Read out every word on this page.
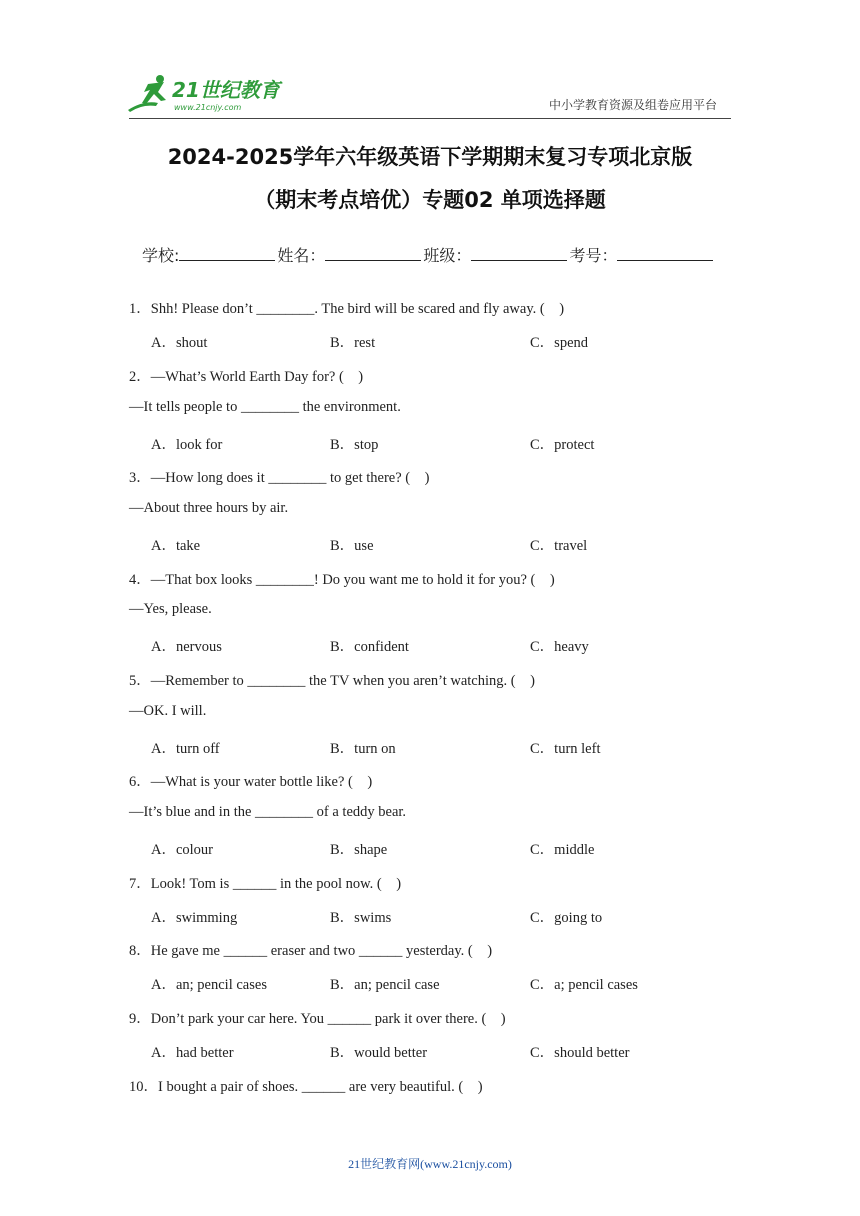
21世纪教育
www.21cnjy.com	中小学教育资源及组卷应用平台
2024-2025学年六年级英语下学期期末复习专项北京版
（期末考点培优）专题02 单项选择题
学校:	姓名：	班级：	考号：
1．Shh! Please don’t ________. The bird will be scared and fly away. (　)
A．shout	B．rest	C．spend
2．—What’s World Earth Day for? (　)
—It tells people to ________ the environment.
A．look for	B．stop	C．protect
3．—How long does it ________ to get there? (　)
—About three hours by air.
A．take	B．use	C．travel
4．—That box looks ________! Do you want me to hold it for you? (　)
—Yes, please.
A．nervous	B．confident	C．heavy
5．—Remember to ________ the TV when you aren’t watching. (　)
—OK. I will.
A．turn off	B．turn on	C．turn left
6．—What is your water bottle like? (　)
—It’s blue and in the ________ of a teddy bear.
A．colour	B．shape	C．middle
7．Look! Tom is ______ in the pool now. (　)
A．swimming	B．swims	C．going to
8．He gave me ______ eraser and two ______ yesterday. (　)
A．an; pencil cases	B．an; pencil case	C．a; pencil cases
9．Don’t park your car here. You ______ park it over there. (　)
A．had better	B．would better	C．should better
10．I bought a pair of shoes. ______ are very beautiful. (　)
21世纪教育网(www.21cnjy.com)
